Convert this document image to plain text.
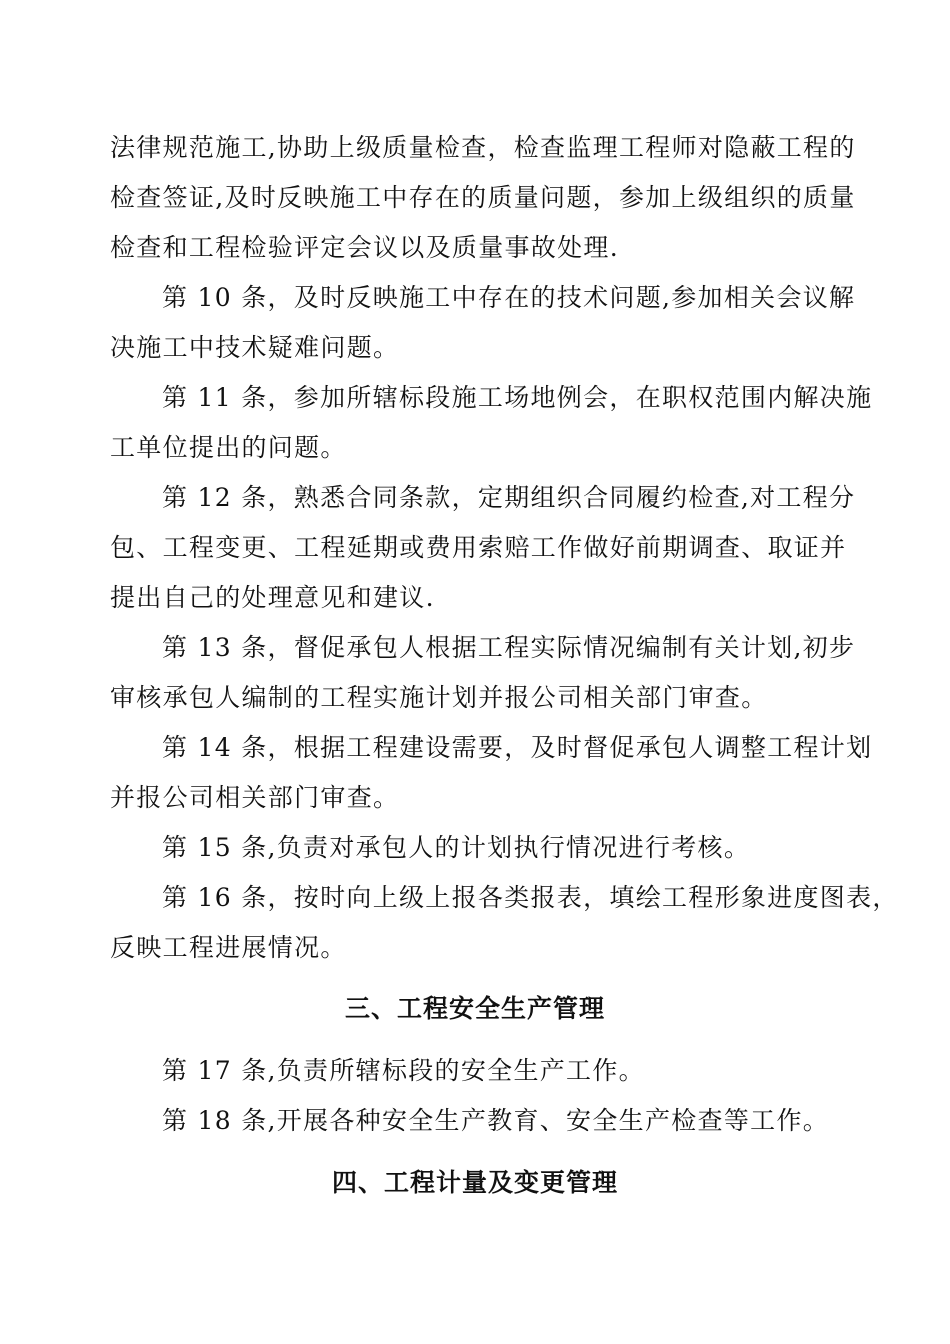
法律规范施工,协助上级质量检查，检查监理工程师对隐蔽工程的
检查签证,及时反映施工中存在的质量问题，参加上级组织的质量
检查和工程检验评定会议以及质量事故处理.
第 10 条，及时反映施工中存在的技术问题,参加相关会议解
决施工中技术疑难问题。
第 11 条，参加所辖标段施工场地例会，在职权范围内解决施
工单位提出的问题。
第 12 条，熟悉合同条款，定期组织合同履约检查,对工程分
包、工程变更、工程延期或费用索赔工作做好前期调查、取证并
提出自己的处理意见和建议.
第 13 条，督促承包人根据工程实际情况编制有关计划,初步
审核承包人编制的工程实施计划并报公司相关部门审查。
第 14 条，根据工程建设需要，及时督促承包人调整工程计划
并报公司相关部门审查。
第 15 条,负责对承包人的计划执行情况进行考核。
第 16 条，按时向上级上报各类报表，填绘工程形象进度图表，
反映工程进展情况。
三、工程安全生产管理
第 17 条,负责所辖标段的安全生产工作。
第 18 条,开展各种安全生产教育、安全生产检查等工作。
四、工程计量及变更管理
